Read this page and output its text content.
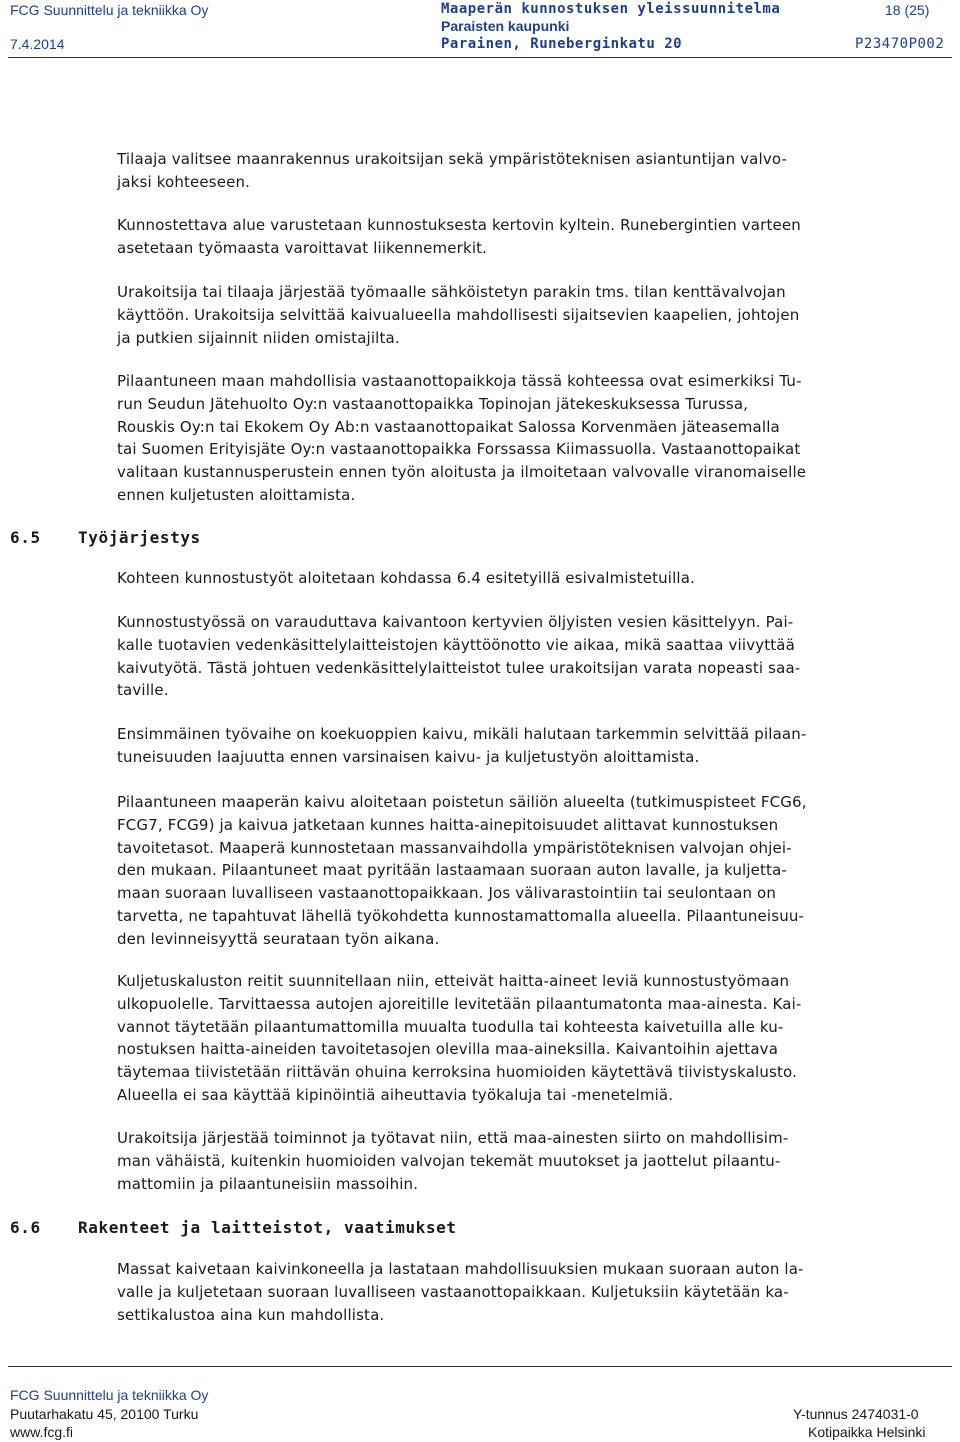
FCG Suunnittelu ja tekniikka Oy
7.4.2014
Maaperän kunnostuksen yleissuunnitelma
Paraisten kaupunki
Parainen, Runeberginkatu 20
18 (25)
P23470P002

Tilaaja valitsee maanrakennus urakoitsijan sekä ympäristöteknisen asiantuntijan valvo-
jaksi kohteeseen.

Kunnostettava alue varustetaan kunnostuksesta kertovin kyltein. Runebergintien varteen
asetetaan työmaasta varoittavat liikennemerkit.

Urakoitsija tai tilaaja järjestää työmaalle sähköistetyn parakin tms. tilan kenttävalvojan
käyttöön. Urakoitsija selvittää kaivualueella mahdollisesti sijaitsevien kaapelien, johtojen
ja putkien sijainnit niiden omistajilta.

Pilaantuneen maan mahdollisia vastaanottopaikkoja tässä kohteessa ovat esimerkiksi Tu-
run Seudun Jätehuolto Oy:n vastaanottopaikka Topinojan jätekeskuksessa Turussa,
Rouskis Oy:n tai Ekokem Oy Ab:n vastaanottopaikat Salossa Korvenmäen jäteasemalla
tai Suomen Erityisjäte Oy:n vastaanottopaikka Forssassa Kiimassuolla. Vastaanottopaikat
valitaan kustannusperustein ennen työn aloitusta ja ilmoitetaan valvovalle viranomaiselle
ennen kuljetusten aloittamista.

6.5 Työjärjestys

Kohteen kunnostustyöt aloitetaan kohdassa 6.4 esitetyillä esivalmistetuilla.

Kunnostustyössä on varauduttava kaivantoon kertyvien öljyisten vesien käsittelyyn. Pai-
kalle tuotavien vedenkäsittelylaitteistojen käyttöönotto vie aikaa, mikä saattaa viivyttää
kaivutyötä. Tästä johtuen vedenkäsittelylaitteistot tulee urakoitsijan varata nopeasti saa-
taville.

Ensimmäinen työvaihe on koekuoppien kaivu, mikäli halutaan tarkemmin selvittää pilaan-
tuneisuuden laajuutta ennen varsinaisen kaivu- ja kuljetustyön aloittamista.

Pilaantuneen maaperän kaivu aloitetaan poistetun säiliön alueelta (tutkimuspisteet FCG6,
FCG7, FCG9) ja kaivua jatketaan kunnes haitta-ainepitoisuudet alittavat kunnostuksen
tavoitetasot. Maaperä kunnostetaan massanvaihdolla ympäristöteknisen valvojan ohjei-
den mukaan. Pilaantuneet maat pyritään lastaamaan suoraan auton lavalle, ja kuljetta-
maan suoraan luvalliseen vastaanottopaikkaan. Jos välivarastointiin tai seulontaan on
tarvetta, ne tapahtuvat lähellä työkohdetta kunnostamattomalla alueella. Pilaantuneisuu-
den levinneisyyttä seurataan työn aikana.

Kuljetuskaluston reitit suunnitellaan niin, etteivät haitta-aineet leviä kunnostustyömaan
ulkopuolelle. Tarvittaessa autojen ajoreitille levitetään pilaantumatonta maa-ainesta. Kai-
vannot täytetään pilaantumattomilla muualta tuodulla tai kohteesta kaivetuilla alle ku-
nostuksen haitta-aineiden tavoitetasojen olevilla maa-aineksilla. Kaivantoihin ajettava
täytemaa tiivistetään riittävän ohuina kerroksina huomioiden käytettävä tiivistyskalusto.
Alueella ei saa käyttää kipinöintiä aiheuttavia työkaluja tai -menetelmiä.

Urakoitsija järjestää toiminnot ja työtavat niin, että maa-ainesten siirto on mahdollisim-
man vähäistä, kuitenkin huomioiden valvojan tekemät muutokset ja jaottelut pilaantu-
mattomiin ja pilaantuneisiin massoihin.

6.6 Rakenteet ja laitteistot, vaatimukset

Massat kaivetaan kaivinkoneella ja lastataan mahdollisuuksien mukaan suoraan auton la-
valle ja kuljetetaan suoraan luvalliseen vastaanottopaikkaan. Kuljetuksiin käytetään ka-
settikalustoa aina kun mahdollista.

FCG Suunnittelu ja tekniikka Oy
Puutarhakatu 45, 20100 Turku
www.fcg.fi
Y-tunnus 2474031-0
Kotipaikka Helsinki
